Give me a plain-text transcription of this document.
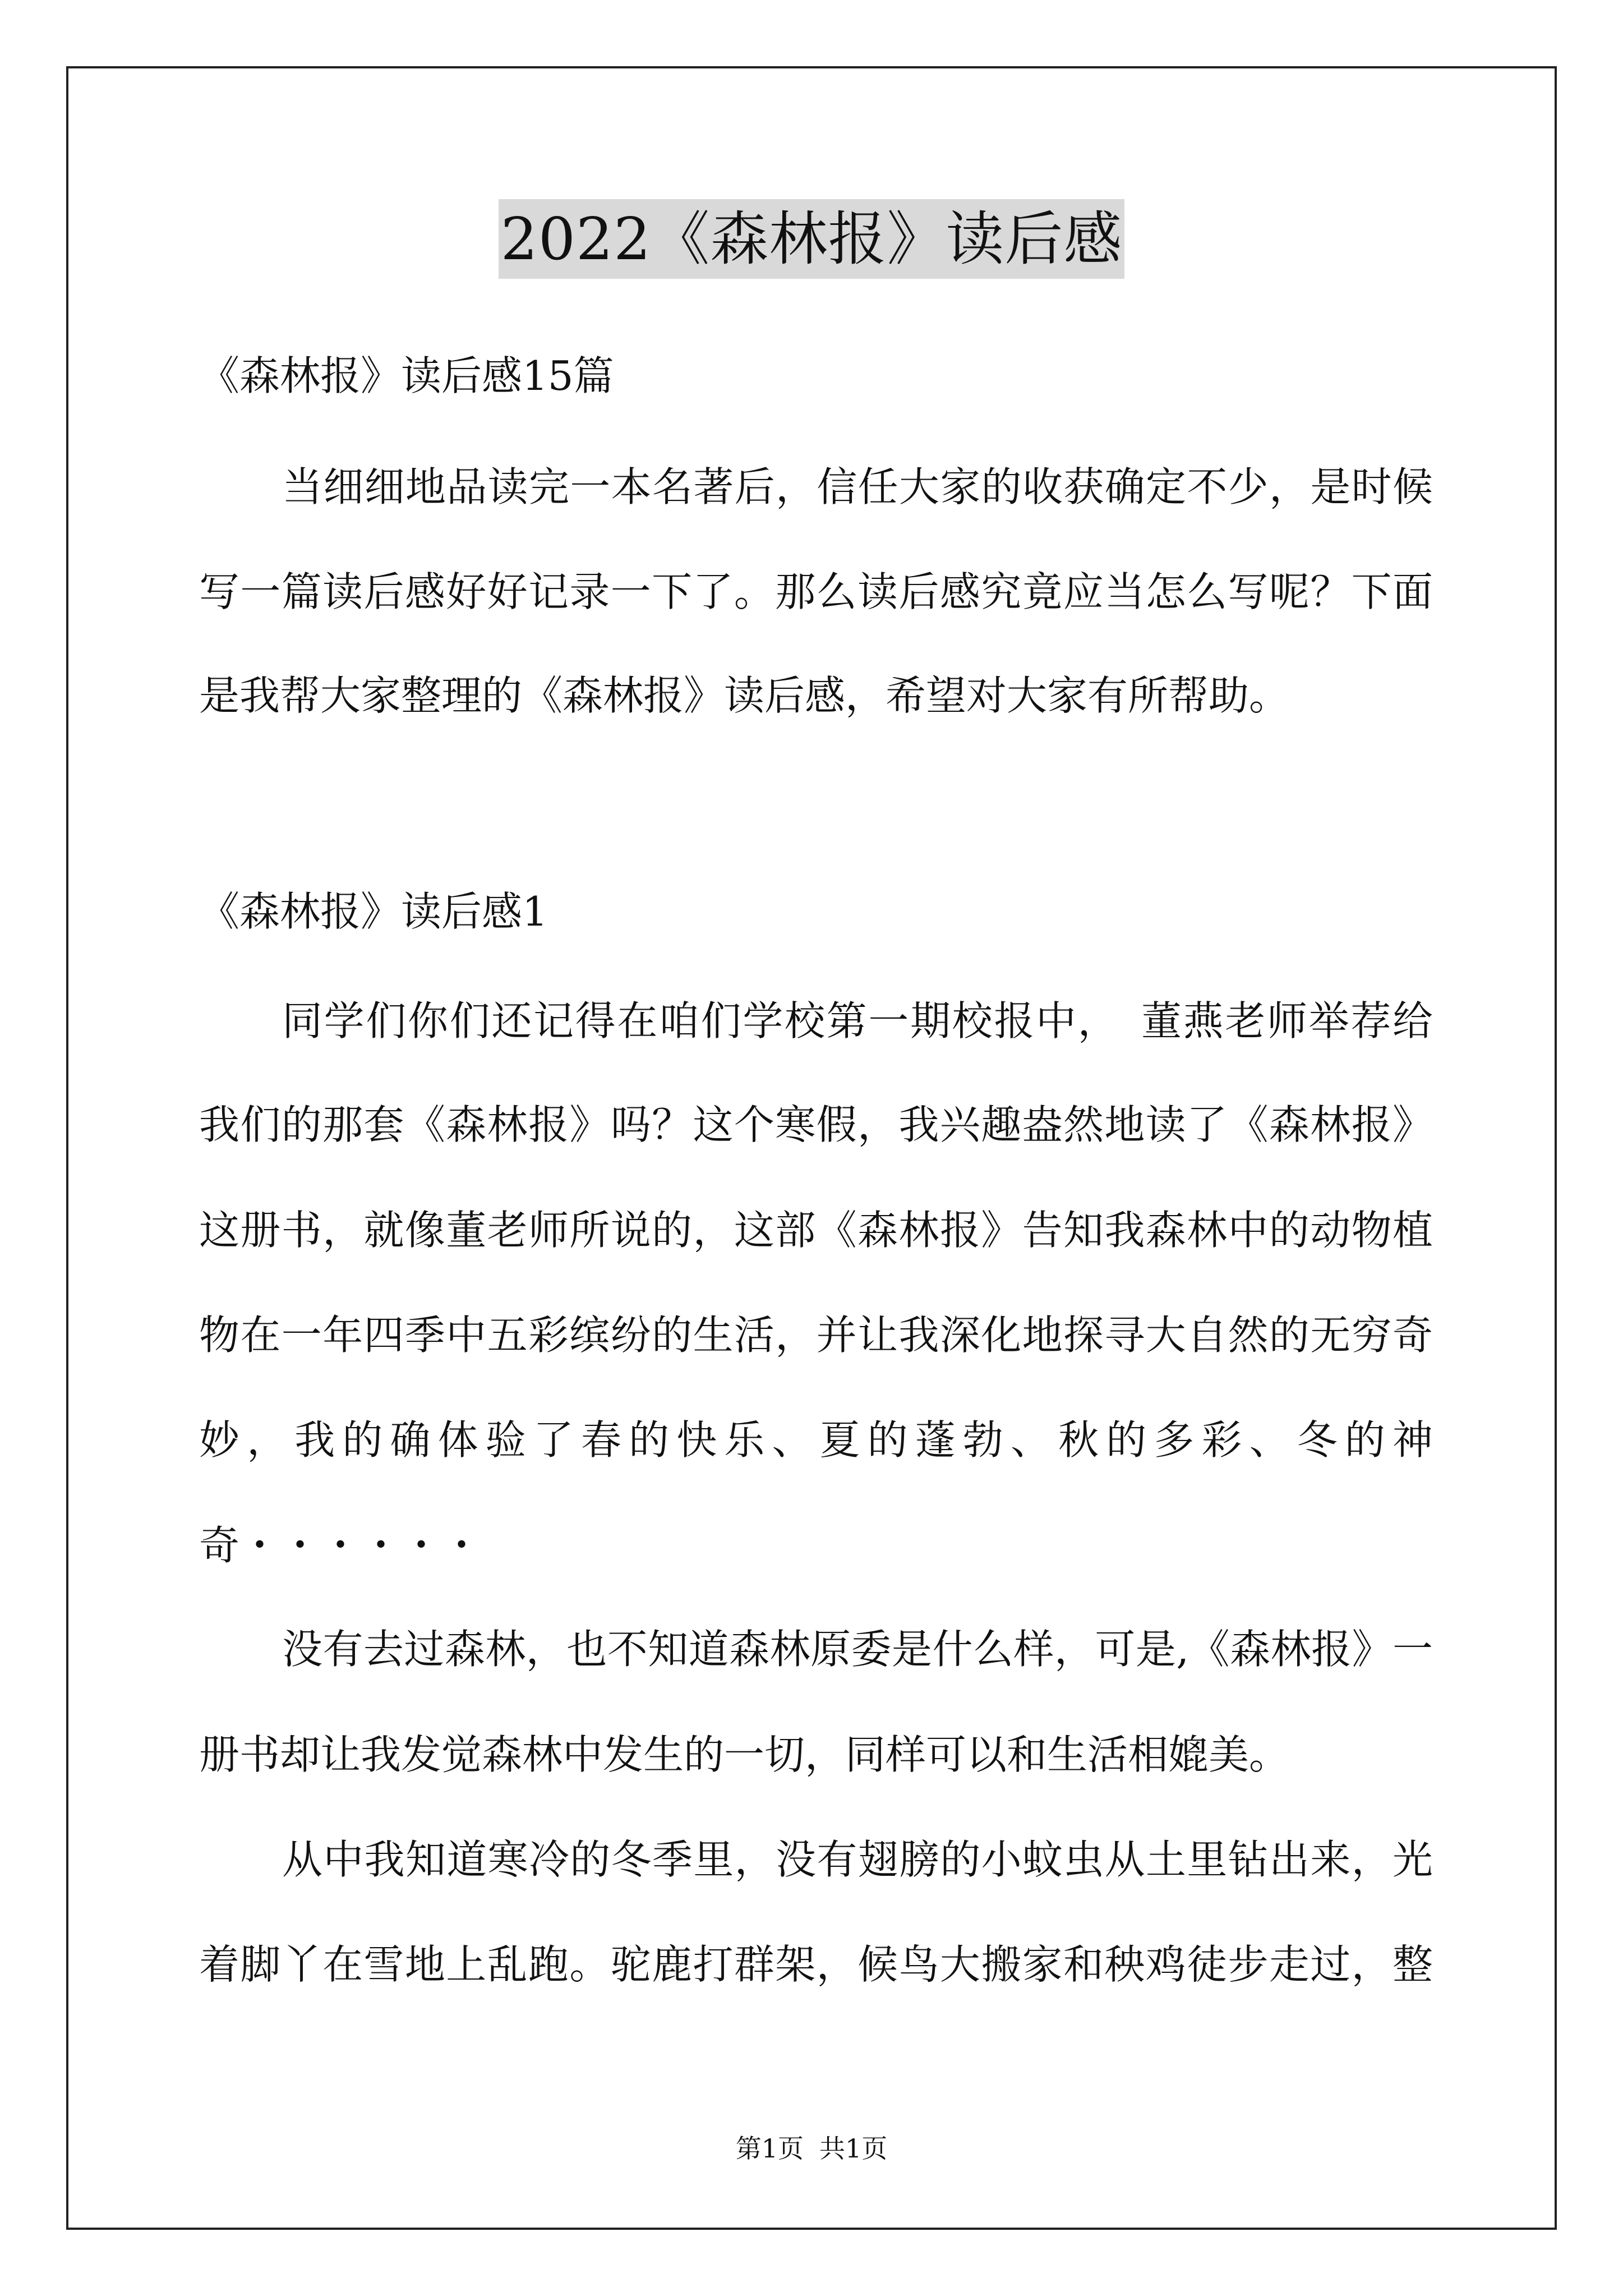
2022《森林报》读后感
《森林报》读后感15篇
当细细地品读完一本名著后，信任大家的收获确定不少，是时候
写一篇读后感好好记录一下了。那么读后感究竟应当怎么写呢？下面
是我帮大家整理的《森林报》读后感，希望对大家有所帮助。
《森林报》读后感1
同学们你们还记得在咱们学校第一期校报中，　董燕老师举荐给
我们的那套《森林报》吗？这个寒假，我兴趣盎然地读了《森林报》
这册书，就像董老师所说的，这部《森林报》告知我森林中的动物植
物在一年四季中五彩缤纷的生活，并让我深化地探寻大自然的无穷奇
妙，我的确体验了春的快乐、夏的蓬勃、秋的多彩、冬的神
奇・・・・・・
没有去过森林，也不知道森林原委是什么样，可是,《森林报》一
册书却让我发觉森林中发生的一切，同样可以和生活相媲美。
从中我知道寒冷的冬季里，没有翅膀的小蚊虫从土里钻出来，光
着脚丫在雪地上乱跑。驼鹿打群架，候鸟大搬家和秧鸡徒步走过，整
第1页 共1页
